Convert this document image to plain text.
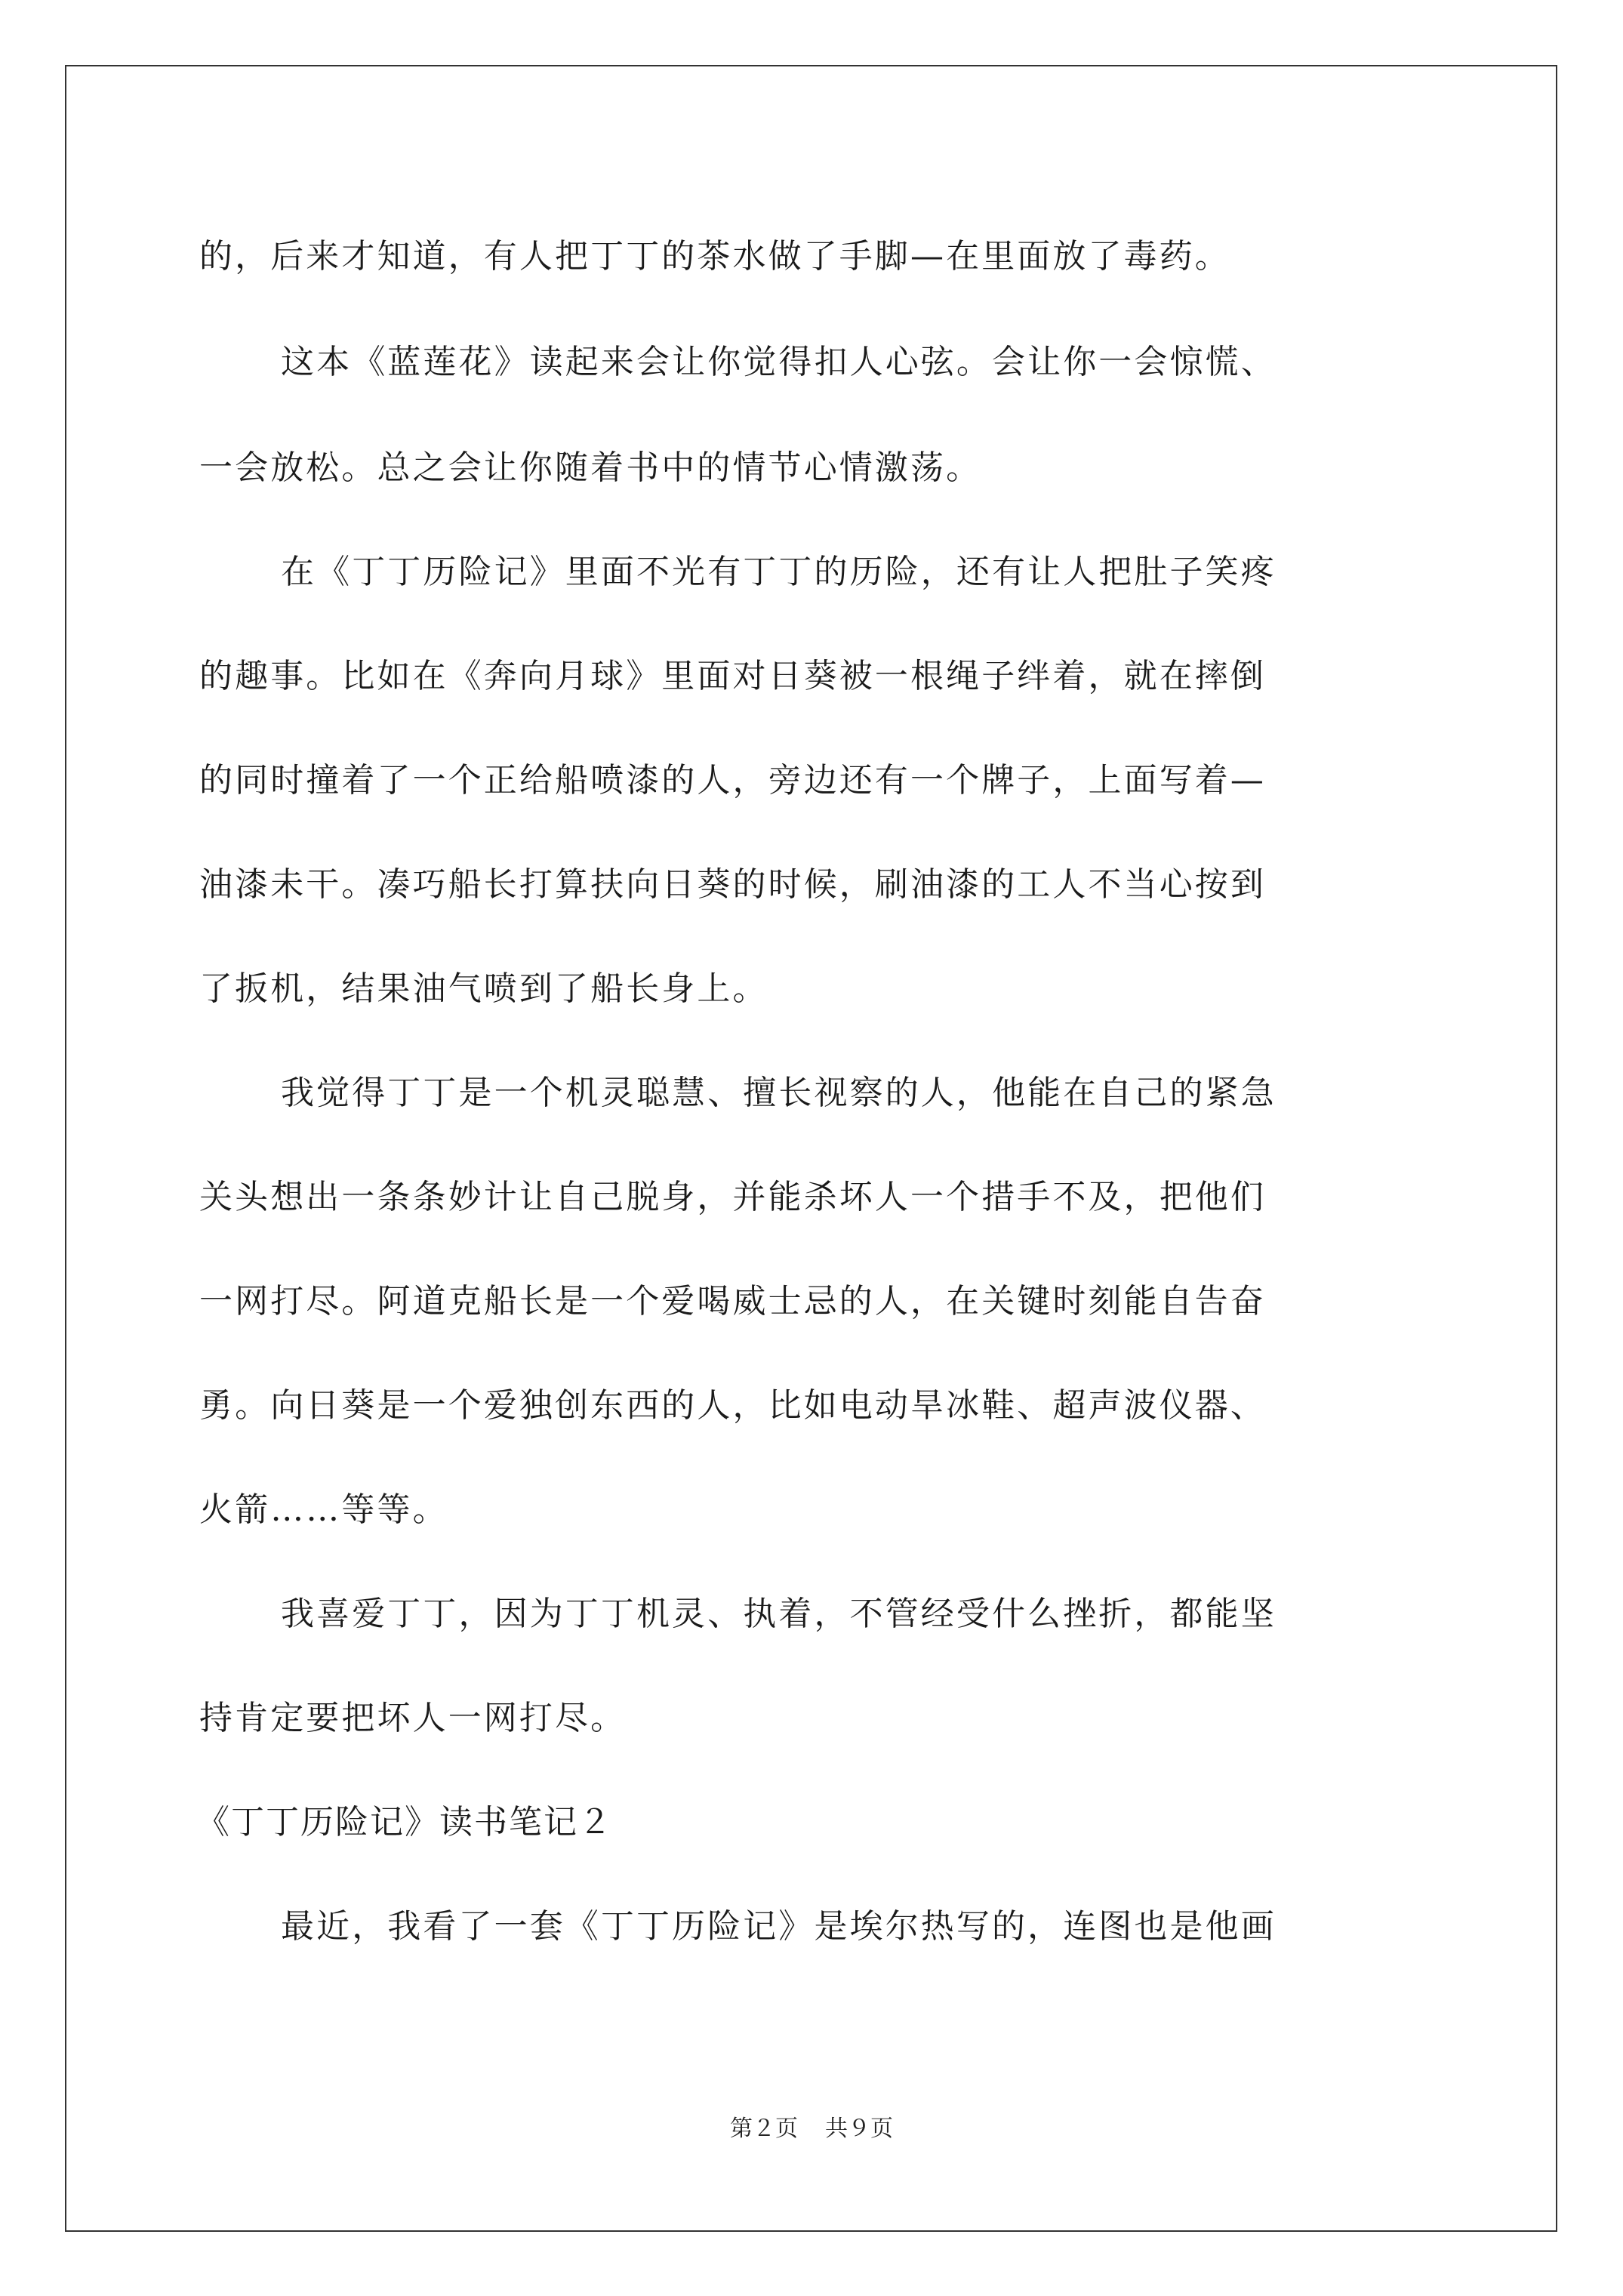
的，后来才知道，有人把丁丁的茶水做了手脚—在里面放了毒药。
这本《蓝莲花》读起来会让你觉得扣人心弦。会让你一会惊慌、
一会放松。总之会让你随着书中的情节心情激荡。
在《丁丁历险记》里面不光有丁丁的历险，还有让人把肚子笑疼
的趣事。比如在《奔向月球》里面对日葵被一根绳子绊着，就在摔倒
的同时撞着了一个正给船喷漆的人，旁边还有一个牌子，上面写着—
油漆未干。凑巧船长打算扶向日葵的时候，刷油漆的工人不当心按到
了扳机，结果油气喷到了船长身上。
我觉得丁丁是一个机灵聪慧、擅长视察的人，他能在自己的紧急
关头想出一条条妙计让自己脱身，并能杀坏人一个措手不及，把他们
一网打尽。阿道克船长是一个爱喝威士忌的人，在关键时刻能自告奋
勇。向日葵是一个爱独创东西的人，比如电动旱冰鞋、超声波仪器、
火箭……等等。
我喜爱丁丁，因为丁丁机灵、执着，不管经受什么挫折，都能坚
持肯定要把坏人一网打尽。
《丁丁历险记》读书笔记２
最近，我看了一套《丁丁历险记》是埃尔热写的，连图也是他画
第２页 共９页
